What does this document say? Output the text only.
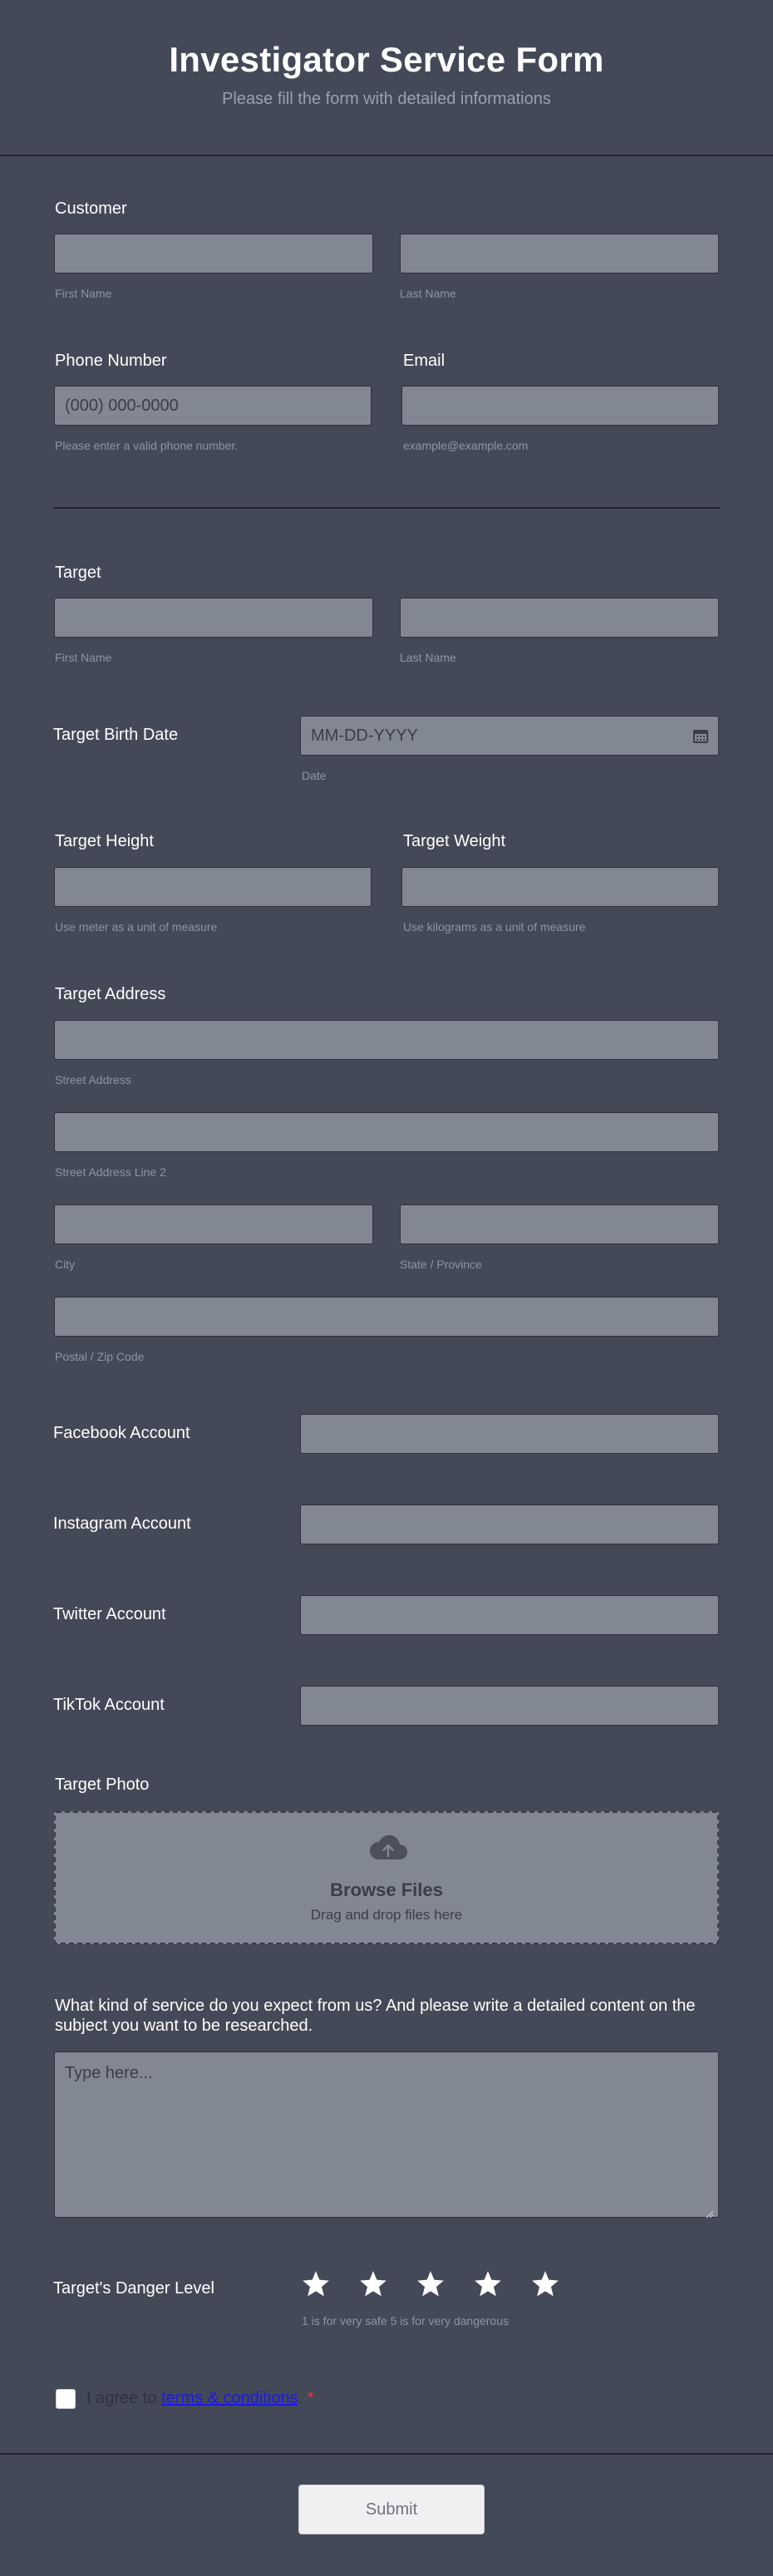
Investigator Service Form
Please fill the form with detailed informations
Customer
First Name	Last Name
Phone Number	Email
(000) 000-0000
Please enter a valid phone number.	example@example.com
Target
First Name	Last Name
Target Birth Date	MM-DD-YYYY
Date
Target Height	Target Weight
Use meter as a unit of measure	Use kilograms as a unit of measure
Target Address
Street Address
Street Address Line 2
City	State / Province
Postal / Zip Code
Facebook Account
Instagram Account
Twitter Account
TikTok Account
Target Photo
Browse Files
Drag and drop files here
What kind of service do you expect from us? And please write a detailed content on the subject you want to be researched.
Type here...
Target's Danger Level
1 is for very safe 5 is for very dangerous
I agree to terms & conditions. *
Submit
